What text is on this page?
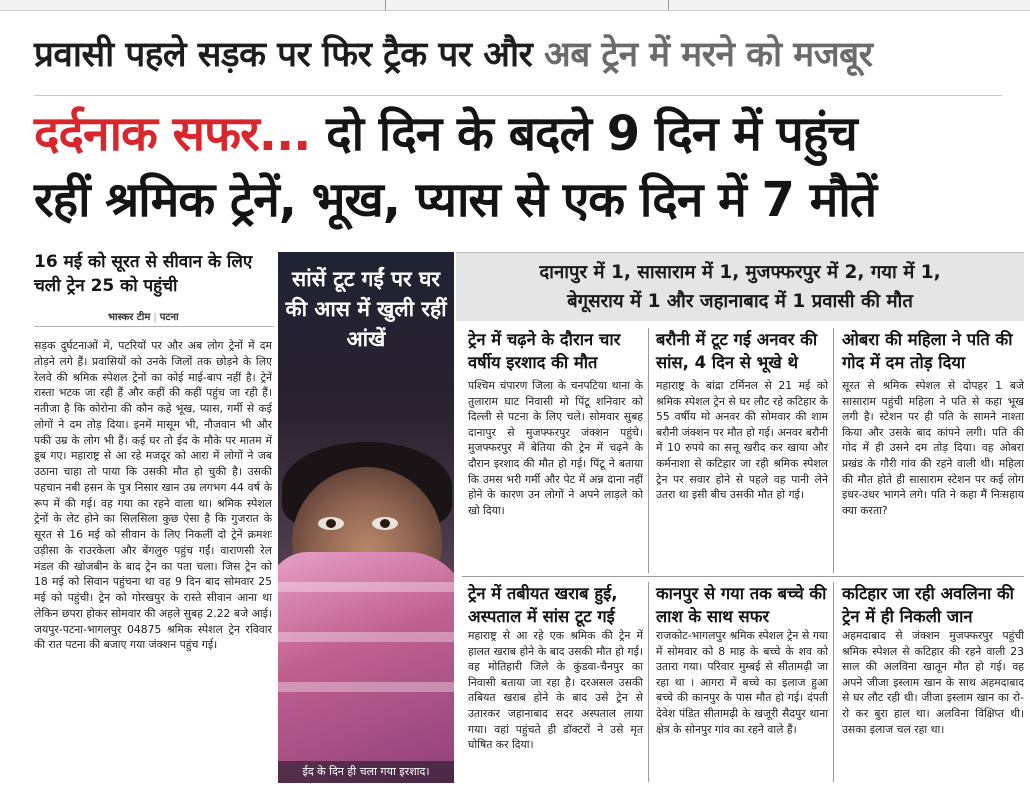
प्रवासी पहले सड़क पर फिर ट्रैक पर और अब ट्रेन में मरने को मजबूर
दर्दनाक सफर... दो दिन के बदले 9 दिन में पहुंच
रहीं श्रमिक ट्रेनें, भूख, प्यास से एक दिन में 7 मौतें
16 मई को सूरत से सीवान के लिए चली ट्रेन 25 को पहुंची
भास्कर टीम | पटना
सड़क दुर्घटनाओं में, पटरियों पर और अब लोग ट्रेनों में दम तोड़ने लगे हैं। प्रवासियों को उनके जिलों तक छोड़ने के लिए रेलवे की श्रमिक स्पेशल ट्रेनों का कोई माई-बाप नहीं है। ट्रेनें रास्ता भटक जा रही हैं और कहीं की कहीं पहुंच जा रही हैं। नतीजा है कि कोरोना की कौन कहे भूख, प्यास, गर्मी से कई लोगों ने दम तोड़ दिया। इनमें मासूम भी, नौजवान भी और पकी उम्र के लोग भी हैं। कई घर तो ईद के मौके पर मातम में डूब गए। महाराष्ट्र से आ रहे मजदूर को आरा में लोगों ने जब उठाना चाहा तो पाया कि उसकी मौत हो चुकी है। उसकी पहचान नबी हसन के पुत्र निसार खान उम्र लगभग 44 वर्ष के रूप में की गई। वह गया का रहने वाला था। श्रमिक स्पेशल ट्रेनों के लेट होने का सिलसिला कुछ ऐसा है कि गुजरात के सूरत से 16 मई को सीवान के लिए निकलीं दो ट्रेनें क्रमशः उड़ीसा के राउरकेला और बेंगलुरु पहुंच गईं। वाराणसी रेल मंडल की खोजबीन के बाद ट्रेन का पता चला। जिस ट्रेन को 18 मई को सिवान पहुंचना था वह 9 दिन बाद सोमवार 25 मई को पहुंची। ट्रेन को गोरखपुर के रास्ते सीवान आना था लेकिन छपरा होकर सोमवार की अहले सुबह 2.22 बजे आई। जयपुर-पटना-भागलपुर 04875 श्रमिक स्पेशल ट्रेन रविवार की रात पटना की बजाए गया जंक्शन पहुंच गई।
सांसें टूट गईं पर घर की आस में खुली रहीं आंखें
ईद के दिन ही चला गया इरशाद।
दानापुर में 1, सासाराम में 1, मुजफ्फरपुर में 2, गया में 1,
बेगूसराय में 1 और जहानाबाद में 1 प्रवासी की मौत
ट्रेन में चढ़ने के दौरान चार वर्षीय इरशाद की मौत
पश्चिम चंपारण जिला के चनपटिया थाना के तुलाराम घाट निवासी मो पिंटू शनिवार को दिल्ली से पटना के लिए चले। सोमवार सुबह दानापुर से मुजफ्फरपुर जंक्शन पहुंचे। मुजफ्फरपुर में बेतिया की ट्रेन में चढ़ने के दौरान इरशाद की मौत हो गई। पिंटू ने बताया कि उमस भरी गर्मी और पेट में अन्न दाना नहीं होने के कारण उन लोगों ने अपने लाड़ले को खो दिया।
बरौनी में टूट गई अनवर की सांस, 4 दिन से भूखे थे
महाराष्ट्र के बांद्रा टर्मिनल से 21 मई को श्रमिक स्पेशल ट्रेन से घर लौट रहे कटिहार के 55 वर्षीय मो अनवर की सोमवार की शाम बरौनी जंक्शन पर मौत हो गई। अनवर बरौनी में 10 रुपये का सत्तू खरीद कर खाया और कर्मनाशा से कटिहार जा रही श्रमिक स्पेशल ट्रेन पर सवार होने से पहले वह पानी लेने उतरा था इसी बीच उसकी मौत हो गई।
ओबरा की महिला ने पति की गोद में दम तोड़ दिया
सूरत से श्रमिक स्पेशल से दोपहर 1 बजे सासाराम पहुंची महिला ने पति से कहा भूख लगी है। स्टेशन पर ही पति के सामने नाश्ता किया और उसके बाद कांपने लगी। पति की गोद में ही उसने दम तोड़ दिया। वह ओबरा प्रखंड के गौरी गांव की रहने वाली थी। महिला की मौत होते ही सासाराम स्टेशन पर कई लोग इधर-उधर भागने लगे। पति ने कहा मैं निःसहाय क्या करता?
ट्रेन में तबीयत खराब हुई, अस्पताल में सांस टूट गई
महाराष्ट्र से आ रहे एक श्रमिक की ट्रेन में हालत खराब होने के बाद उसकी मौत हो गई। वह मोतिहारी जिले के कुंडवा-चैनपुर का निवासी बताया जा रहा है। दरअसल उसकी तबियत खराब होने के बाद उसे ट्रेन से उतारकर जहानाबाद सदर अस्पताल लाया गया। वहां पहुंचते ही डॉक्टरों ने उसे मृत घोषित कर दिया।
कानपुर से गया तक बच्चे की लाश के साथ सफर
राजकोट-भागलपुर श्रमिक स्पेशल ट्रेन से गया में सोमवार को 8 माह के बच्चे के शव को उतारा गया। परिवार मुम्बई से सीतामढ़ी जा रहा था । आगरा में बच्चे का इलाज हुआ बच्चे की कानपुर के पास मौत हो गई। दंपती देवेश पंडित सीतामढ़ी के खजूरी सैदपुर थाना क्षेत्र के सोनपुर गांव का रहने वाले हैं।
कटिहार जा रही अवलिना की ट्रेन में ही निकली जान
अहमदाबाद से जंक्शन मुजफ्फरपुर पहुंची श्रमिक स्पेशल से कटिहार की रहने वाली 23 साल की अलविना खातून मौत हो गई। वह अपने जीजा इस्लाम खान के साथ अहमदाबाद से घर लौट रही थी। जीजा इस्लाम खान का रो-रो कर बुरा हाल था। अलविना विक्षिप्त थी। उसका इलाज चल रहा था।
